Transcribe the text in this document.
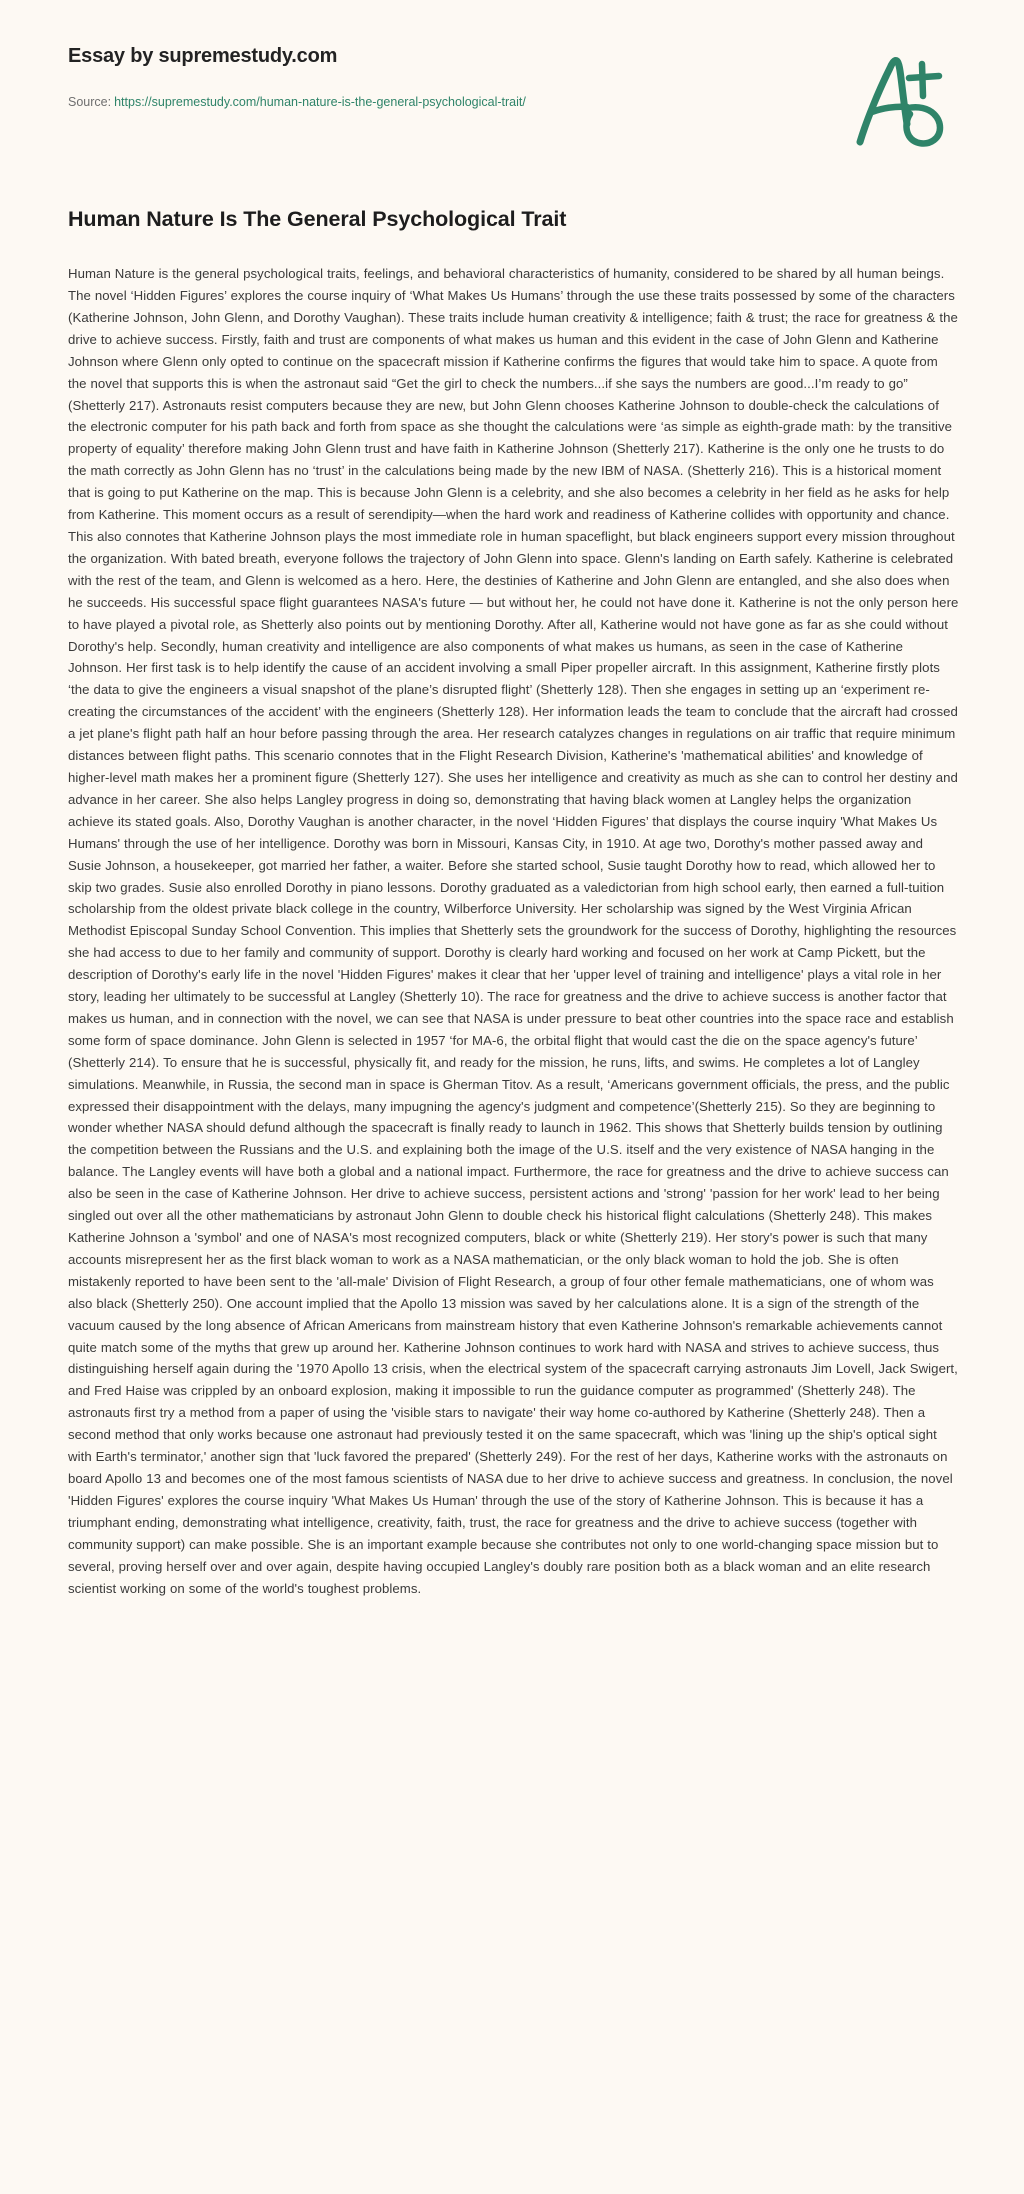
Essay by supremestudy.com
Source: https://supremestudy.com/human-nature-is-the-general-psychological-trait/
Human Nature Is The General Psychological Trait

Human Nature is the general psychological traits, feelings, and behavioral characteristics of humanity, considered to be shared by all human beings. The novel ‘Hidden Figures’ explores the course inquiry of ‘What Makes Us Humans’ through the use these traits possessed by some of the characters (Katherine Johnson, John Glenn, and Dorothy Vaughan). These traits include human creativity & intelligence; faith & trust; the race for greatness & the drive to achieve success. Firstly, faith and trust are components of what makes us human and this evident in the case of John Glenn and Katherine Johnson where Glenn only opted to continue on the spacecraft mission if Katherine confirms the figures that would take him to space. A quote from the novel that supports this is when the astronaut said “Get the girl to check the numbers...if she says the numbers are good...I’m ready to go” (Shetterly 217). Astronauts resist computers because they are new, but John Glenn chooses Katherine Johnson to double-check the calculations of the electronic computer for his path back and forth from space as she thought the calculations were ‘as simple as eighth-grade math: by the transitive property of equality’ therefore making John Glenn trust and have faith in Katherine Johnson (Shetterly 217). Katherine is the only one he trusts to do the math correctly as John Glenn has no ‘trust’ in the calculations being made by the new IBM of NASA. (Shetterly 216). This is a historical moment that is going to put Katherine on the map. This is because John Glenn is a celebrity, and she also becomes a celebrity in her field as he asks for help from Katherine. This moment occurs as a result of serendipity—when the hard work and readiness of Katherine collides with opportunity and chance. This also connotes that Katherine Johnson plays the most immediate role in human spaceflight, but black engineers support every mission throughout the organization. With bated breath, everyone follows the trajectory of John Glenn into space. Glenn's landing on Earth safely. Katherine is celebrated with the rest of the team, and Glenn is welcomed as a hero. Here, the destinies of Katherine and John Glenn are entangled, and she also does when he succeeds. His successful space flight guarantees NASA's future — but without her, he could not have done it. Katherine is not the only person here to have played a pivotal role, as Shetterly also points out by mentioning Dorothy. After all, Katherine would not have gone as far as she could without Dorothy's help. Secondly, human creativity and intelligence are also components of what makes us humans, as seen in the case of Katherine Johnson. Her first task is to help identify the cause of an accident involving a small Piper propeller aircraft. In this assignment, Katherine firstly plots ‘the data to give the engineers a visual snapshot of the plane’s disrupted flight’ (Shetterly 128). Then she engages in setting up an ‘experiment re-creating the circumstances of the accident’ with the engineers (Shetterly 128). Her information leads the team to conclude that the aircraft had crossed a jet plane's flight path half an hour before passing through the area. Her research catalyzes changes in regulations on air traffic that require minimum distances between flight paths. This scenario connotes that in the Flight Research Division, Katherine's 'mathematical abilities' and knowledge of higher-level math makes her a prominent figure (Shetterly 127). She uses her intelligence and creativity as much as she can to control her destiny and advance in her career. She also helps Langley progress in doing so, demonstrating that having black women at Langley helps the organization achieve its stated goals. Also, Dorothy Vaughan is another character, in the novel ‘Hidden Figures’ that displays the course inquiry 'What Makes Us Humans' through the use of her intelligence. Dorothy was born in Missouri, Kansas City, in 1910. At age two, Dorothy's mother passed away and Susie Johnson, a housekeeper, got married her father, a waiter. Before she started school, Susie taught Dorothy how to read, which allowed her to skip two grades. Susie also enrolled Dorothy in piano lessons. Dorothy graduated as a valedictorian from high school early, then earned a full-tuition scholarship from the oldest private black college in the country, Wilberforce University. Her scholarship was signed by the West Virginia African Methodist Episcopal Sunday School Convention. This implies that Shetterly sets the groundwork for the success of Dorothy, highlighting the resources she had access to due to her family and community of support. Dorothy is clearly hard working and focused on her work at Camp Pickett, but the description of Dorothy's early life in the novel 'Hidden Figures' makes it clear that her 'upper level of training and intelligence' plays a vital role in her story, leading her ultimately to be successful at Langley (Shetterly 10). The race for greatness and the drive to achieve success is another factor that makes us human, and in connection with the novel, we can see that NASA is under pressure to beat other countries into the space race and establish some form of space dominance. John Glenn is selected in 1957 ‘for MA-6, the orbital flight that would cast the die on the space agency's future’ (Shetterly 214). To ensure that he is successful, physically fit, and ready for the mission, he runs, lifts, and swims. He completes a lot of Langley simulations. Meanwhile, in Russia, the second man in space is Gherman Titov. As a result, ‘Americans government officials, the press, and the public expressed their disappointment with the delays, many impugning the agency's judgment and competence’(Shetterly 215). So they are beginning to wonder whether NASA should defund although the spacecraft is finally ready to launch in 1962. This shows that Shetterly builds tension by outlining the competition between the Russians and the U.S. and explaining both the image of the U.S. itself and the very existence of NASA hanging in the balance. The Langley events will have both a global and a national impact. Furthermore, the race for greatness and the drive to achieve success can also be seen in the case of Katherine Johnson. Her drive to achieve success, persistent actions and 'strong' 'passion for her work' lead to her being singled out over all the other mathematicians by astronaut John Glenn to double check his historical flight calculations (Shetterly 248). This makes Katherine Johnson a 'symbol' and one of NASA's most recognized computers, black or white (Shetterly 219). Her story's power is such that many accounts misrepresent her as the first black woman to work as a NASA mathematician, or the only black woman to hold the job. She is often mistakenly reported to have been sent to the 'all-male' Division of Flight Research, a group of four other female mathematicians, one of whom was also black (Shetterly 250). One account implied that the Apollo 13 mission was saved by her calculations alone. It is a sign of the strength of the vacuum caused by the long absence of African Americans from mainstream history that even Katherine Johnson's remarkable achievements cannot quite match some of the myths that grew up around her. Katherine Johnson continues to work hard with NASA and strives to achieve success, thus distinguishing herself again during the '1970 Apollo 13 crisis, when the electrical system of the spacecraft carrying astronauts Jim Lovell, Jack Swigert, and Fred Haise was crippled by an onboard explosion, making it impossible to run the guidance computer as programmed' (Shetterly 248). The astronauts first try a method from a paper of using the 'visible stars to navigate' their way home co-authored by Katherine (Shetterly 248). Then a second method that only works because one astronaut had previously tested it on the same spacecraft, which was 'lining up the ship's optical sight with Earth's terminator,' another sign that 'luck favored the prepared' (Shetterly 249). For the rest of her days, Katherine works with the astronauts on board Apollo 13 and becomes one of the most famous scientists of NASA due to her drive to achieve success and greatness. In conclusion, the novel 'Hidden Figures' explores the course inquiry 'What Makes Us Human' through the use of the story of Katherine Johnson. This is because it has a triumphant ending, demonstrating what intelligence, creativity, faith, trust, the race for greatness and the drive to achieve success (together with community support) can make possible. She is an important example because she contributes not only to one world-changing space mission but to several, proving herself over and over again, despite having occupied Langley's doubly rare position both as a black woman and an elite research scientist working on some of the world's toughest problems.
